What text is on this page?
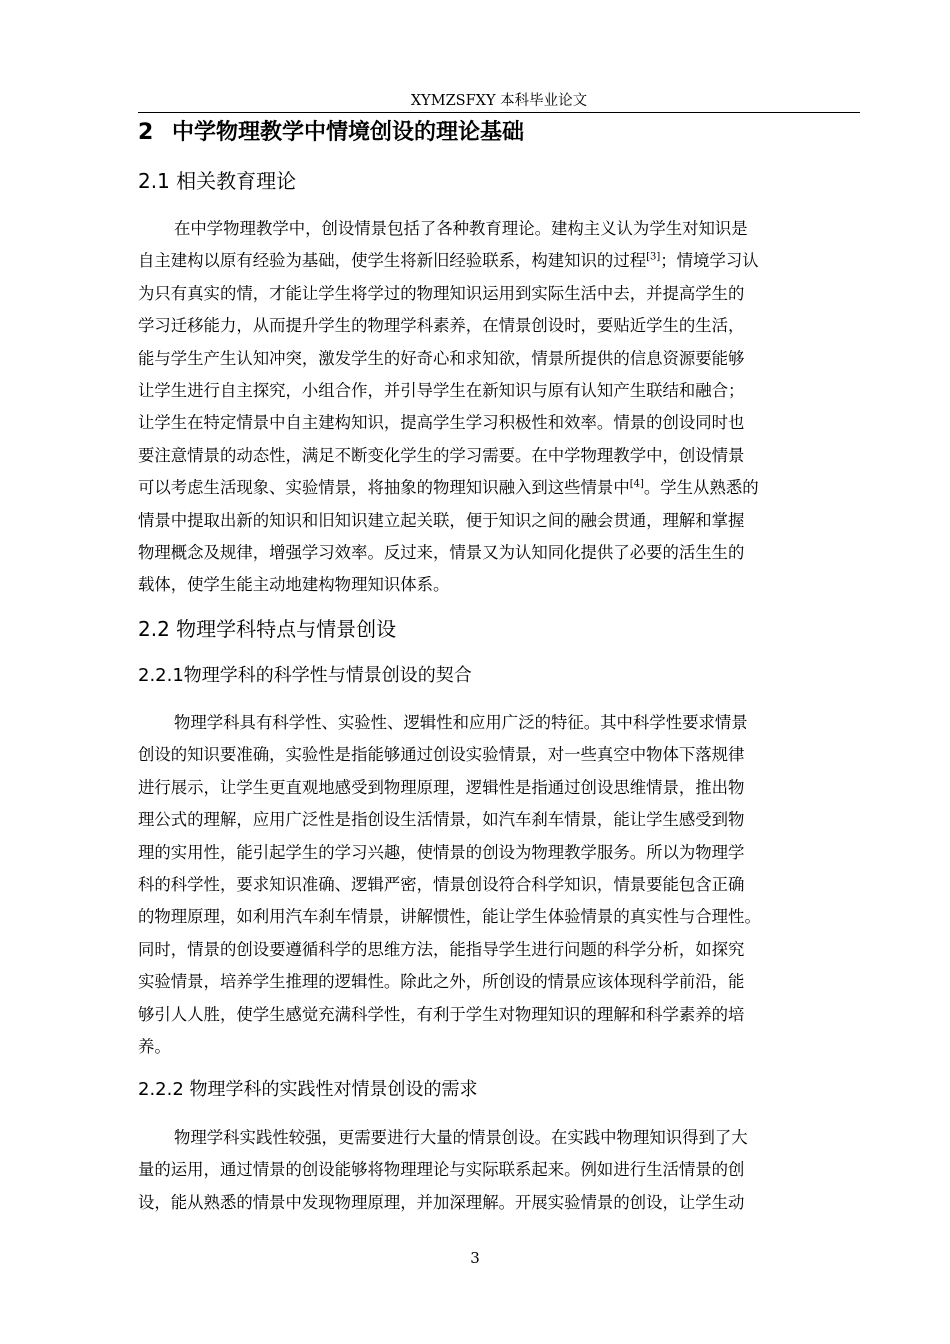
XYMZSFXY 本科毕业论文
2 中学物理教学中情境创设的理论基础
2.1 相关教育理论
在中学物理教学中，创设情景包括了各种教育理论。建构主义认为学生对知识是
自主建构以原有经验为基础，使学生将新旧经验联系，构建知识的过程[3]；情境学习认
为只有真实的情，才能让学生将学过的物理知识运用到实际生活中去，并提高学生的
学习迁移能力，从而提升学生的物理学科素养，在情景创设时，要贴近学生的生活，
能与学生产生认知冲突，激发学生的好奇心和求知欲，情景所提供的信息资源要能够
让学生进行自主探究，小组合作，并引导学生在新知识与原有认知产生联结和融合；
让学生在特定情景中自主建构知识，提高学生学习积极性和效率。情景的创设同时也
要注意情景的动态性，满足不断变化学生的学习需要。在中学物理教学中，创设情景
可以考虑生活现象、实验情景，将抽象的物理知识融入到这些情景中[4]。学生从熟悉的
情景中提取出新的知识和旧知识建立起关联，便于知识之间的融会贯通，理解和掌握
物理概念及规律，增强学习效率。反过来，情景又为认知同化提供了必要的活生生的
载体，使学生能主动地建构物理知识体系。
2.2 物理学科特点与情景创设
2.2.1物理学科的科学性与情景创设的契合
物理学科具有科学性、实验性、逻辑性和应用广泛的特征。其中科学性要求情景
创设的知识要准确，实验性是指能够通过创设实验情景，对一些真空中物体下落规律
进行展示，让学生更直观地感受到物理原理，逻辑性是指通过创设思维情景，推出物
理公式的理解，应用广泛性是指创设生活情景，如汽车刹车情景，能让学生感受到物
理的实用性，能引起学生的学习兴趣，使情景的创设为物理教学服务。所以为物理学
科的科学性，要求知识准确、逻辑严密，情景创设符合科学知识，情景要能包含正确
的物理原理，如利用汽车刹车情景，讲解惯性，能让学生体验情景的真实性与合理性。
同时，情景的创设要遵循科学的思维方法，能指导学生进行问题的科学分析，如探究
实验情景，培养学生推理的逻辑性。除此之外，所创设的情景应该体现科学前沿，能
够引人人胜，使学生感觉充满科学性，有利于学生对物理知识的理解和科学素养的培
养。
2.2.2 物理学科的实践性对情景创设的需求
物理学科实践性较强，更需要进行大量的情景创设。在实践中物理知识得到了大
量的运用，通过情景的创设能够将物理理论与实际联系起来。例如进行生活情景的创
设，能从熟悉的情景中发现物理原理，并加深理解。开展实验情景的创设，让学生动
3
